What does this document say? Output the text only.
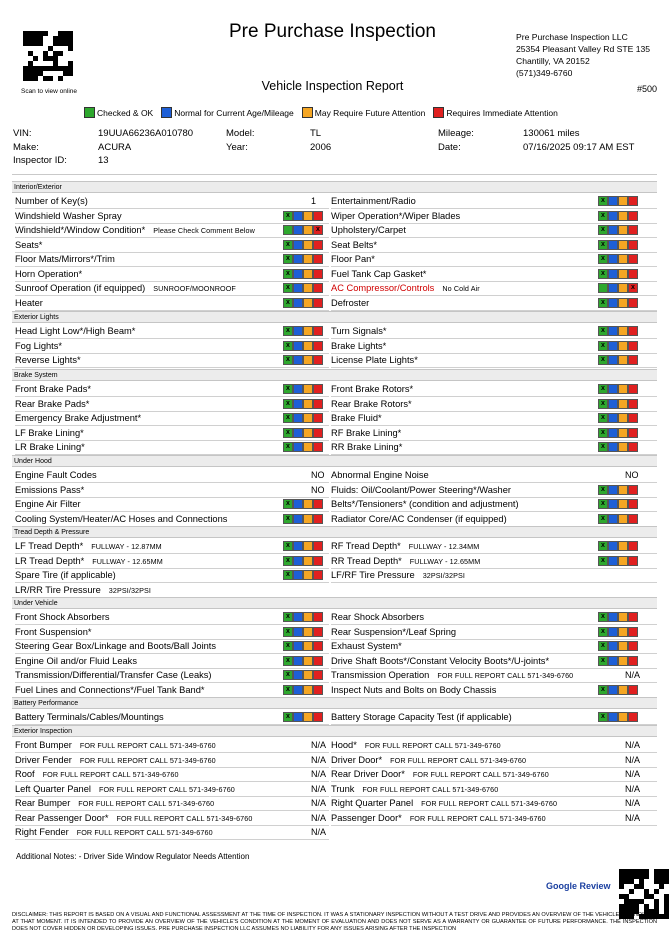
Scan to view online
Pre Purchase Inspection
Vehicle Inspection Report
Pre Purchase Inspection LLC
25354 Pleasant Valley Rd STE 135
Chantilly, VA 20152
(571)349-6760
#500
Checked & OK Normal for Current Age/Mileage May Require Future Attention Requires Immediate Attention
VIN:	19UUA66236A010780	Model:	TL	Mileage:	130061 miles
Make:	ACURA	Year:	2006	Date:	07/16/2025 09:17 AM EST
Inspector ID:	13
Interior/Exterior
Number of Key(s)	1 Entertainment/Radio	x
Windshield Washer Spray	x	Wiper Operation*/Wiper Blades	x
Windshield*/Window Condition* Please Check Comment Below	x	Upholstery/Carpet	x
Seats*	x	Seat Belts*	x
Floor Mats/Mirrors*/Trim	x	Floor Pan*	x
Horn Operation*	x	Fuel Tank Cap Gasket*	x
Sunroof Operation (if equipped) SUNROOF/MOONROOF	x	AC Compressor/Controls No Cold Air	x
Heater	x	Defroster	x
Exterior Lights
Head Light Low*/High Beam*	x	Turn Signals*	x
Fog Lights*	x	Brake Lights*	x
Reverse Lights*	x	License Plate Lights*	x
Brake System
Front Brake Pads*	x	Front Brake Rotors*	x
Rear Brake Pads*	x	Rear Brake Rotors*	x
Emergency Brake Adjustment*	x	Brake Fluid*	x
LF Brake Lining*	x	RF Brake Lining*	x
LR Brake Lining*	x	RR Brake Lining*	x
Under Hood
Engine Fault Codes	NO Abnormal Engine Noise	NO
Emissions Pass*	NO Fluids: Oil/Coolant/Power Steering*/Washer	x
Engine Air Filter	x	Belts*/Tensioners* (condition and adjustment)	x
Cooling System/Heater/AC Hoses and Connections	x	Radiator Core/AC Condenser (if equipped)	x
Tread Depth & Pressure
LF Tread Depth* FULLWAY - 12.87MM	x	RF Tread Depth* FULLWAY - 12.34MM	x
LR Tread Depth* FULLWAY - 12.65MM	x	RR Tread Depth* FULLWAY - 12.65MM	x
Spare Tire (if applicable)	x	LF/RF Tire Pressure 32PSI/32PSI
LR/RR Tire Pressure 32PSI/32PSI
Under Vehicle
Front Shock Absorbers	x	Rear Shock Absorbers	x
Front Suspension*	x	Rear Suspension*/Leaf Spring	x
Steering Gear Box/Linkage and Boots/Ball Joints	x	Exhaust System*	x
Engine Oil and/or Fluid Leaks	x	Drive Shaft Boots*/Constant Velocity Boots*/U-joints*	x
Transmission/Differential/Transfer Case (Leaks)	x	Transmission Operation FOR FULL REPORT CALL 571-349-6760	N/A
Fuel Lines and Connections*/Fuel Tank Band*	x	Inspect Nuts and Bolts on Body Chassis	x
Battery Performance
Battery Terminals/Cables/Mountings	x	Battery Storage Capacity Test (if applicable)	x
Exterior Inspection
Front Bumper FOR FULL REPORT CALL 571-349-6760	N/A Hood* FOR FULL REPORT CALL 571-349-6760	N/A
Driver Fender FOR FULL REPORT CALL 571-349-6760	N/A Driver Door* FOR FULL REPORT CALL 571-349-6760	N/A
Roof FOR FULL REPORT CALL 571-349-6760	N/A Rear Driver Door* FOR FULL REPORT CALL 571-349-6760	N/A
Left Quarter Panel FOR FULL REPORT CALL 571-349-6760	N/A Trunk FOR FULL REPORT CALL 571-349-6760	N/A
Rear Bumper FOR FULL REPORT CALL 571-349-6760	N/A Right Quarter Panel FOR FULL REPORT CALL 571-349-6760	N/A
Rear Passenger Door* FOR FULL REPORT CALL 571-349-6760	N/A Passenger Door* FOR FULL REPORT CALL 571-349-6760	N/A
Right Fender FOR FULL REPORT CALL 571-349-6760	N/A
Additional Notes: - Driver Side Window Regulator Needs Attention
Google Review
DISCLAIMER: THIS REPORT IS BASED ON A VISUAL AND FUNCTIONAL ASSESSMENT AT THE TIME OF INSPECTION. IT WAS A STATIONARY INSPECTION WITHOUT A TEST DRIVE AND PROVIDES AN OVERVIEW OF THE VEHICLE'S CONDITION AT THAT MOMENT. IT IS INTENDED TO PROVIDE AN OVERVIEW OF THE VEHICLE'S CONDITION AT THE MOMENT OF EVALUATION AND DOES NOT SERVE AS A WARRANTY OR GUARANTEE OF FUTURE PERFORMANCE. THE INSPECTION DOES NOT COVER HIDDEN OR DEVELOPING ISSUES. PRE PURCHASE INSPECTION LLC ASSUMES NO LIABILITY FOR ANY ISSUES ARISING AFTER THE INSPECTION
